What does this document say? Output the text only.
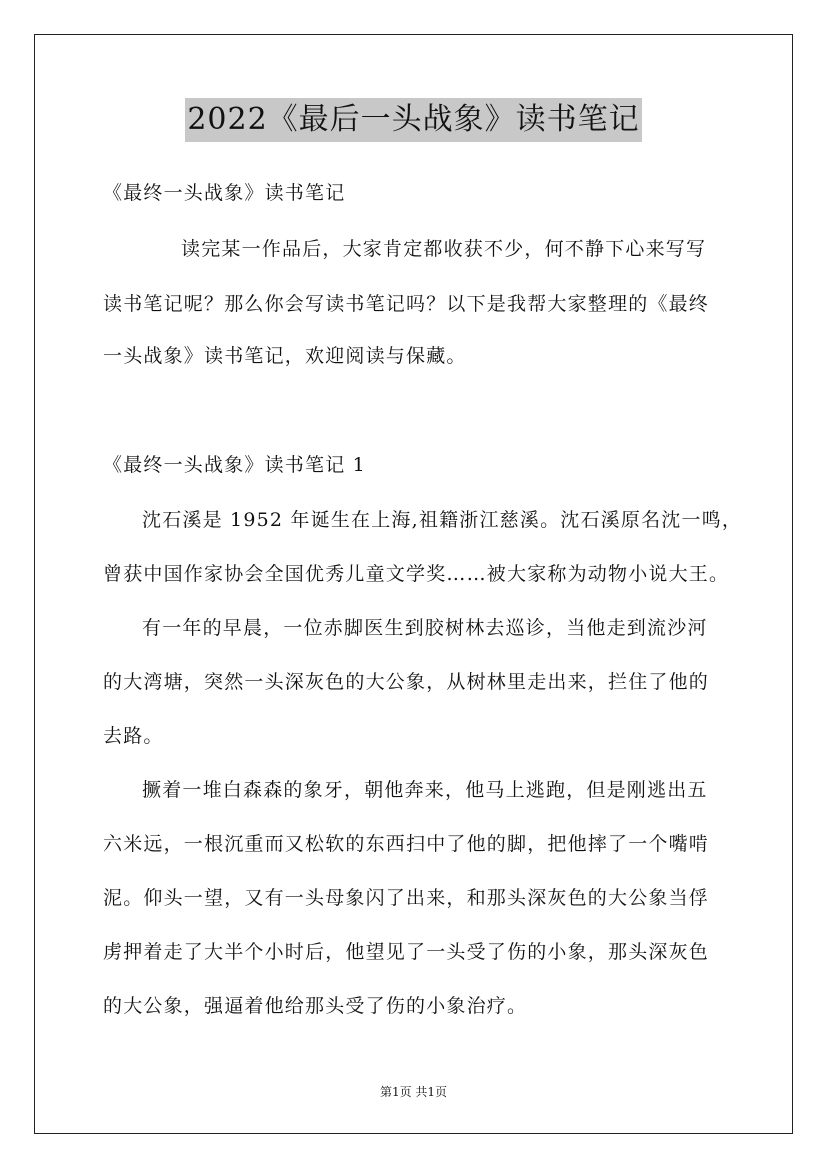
2022《最后一头战象》读书笔记
《最终一头战象》读书笔记
读完某一作品后，大家肯定都收获不少，何不静下心来写写
读书笔记呢？那么你会写读书笔记吗？以下是我帮大家整理的《最终
一头战象》读书笔记，欢迎阅读与保藏。
《最终一头战象》读书笔记 1
沈石溪是 1952 年诞生在上海,祖籍浙江慈溪。沈石溪原名沈一鸣，
曾获中国作家协会全国优秀儿童文学奖……被大家称为动物小说大王。
有一年的早晨，一位赤脚医生到胶树林去巡诊，当他走到流沙河
的大湾塘，突然一头深灰色的大公象，从树林里走出来，拦住了他的
去路。
撅着一堆白森森的象牙，朝他奔来，他马上逃跑，但是刚逃出五
六米远，一根沉重而又松软的东西扫中了他的脚，把他摔了一个嘴啃
泥。仰头一望，又有一头母象闪了出来，和那头深灰色的大公象当俘
虏押着走了大半个小时后，他望见了一头受了伤的小象，那头深灰色
的大公象，强逼着他给那头受了伤的小象治疗。
第1页 共1页
